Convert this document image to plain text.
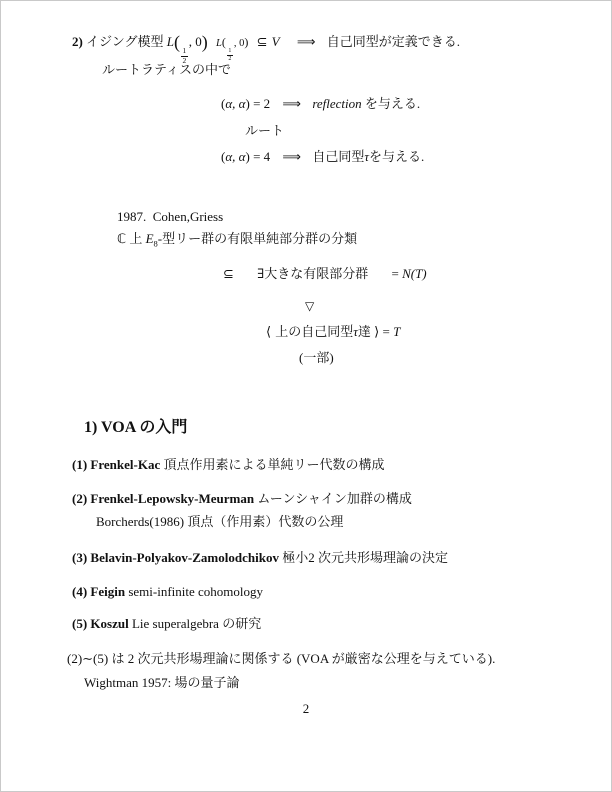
2) イジング模型 L(
$\frac{1}{2}$
, 0) L(
$\frac{1}{2}$
, 0) ⊆ V ⟹ 自己同型が定義できる.
ルートラティスの中で
(α, α) = 2 ⟹ reflection を与える.
ルート
(α, α) = 4 ⟹ 自己同型τを与える.
1987.  Cohen,Griess
ℂ 上 $E_8-$型リー群の有限単純部分群の分類
⊆ ∃大きな有限部分群 = N(T)
▽
⟨ 上の自己同型τ達 ⟩ = T
(一部)
1) VOA の入門
(1) Frenkel-Kac 頂点作用素による単純リー代数の構成
(2) Frenkel-Lepowsky-Meurman ムーンシャイン加群の構成
Borcherds(1986) 頂点（作用素）代数の公理
(3) Belavin-Polyakov-Zamolodchikov 極小2 次元共形場理論の決定
(4) Feigin semi-infinite cohomology
(5) Koszul Lie superalgebra の研究
(2)∼(5) は 2 次元共形場理論に関係する (VOA が厳密な公理を与えている).
Wightman 1957: 場の量子論
2
